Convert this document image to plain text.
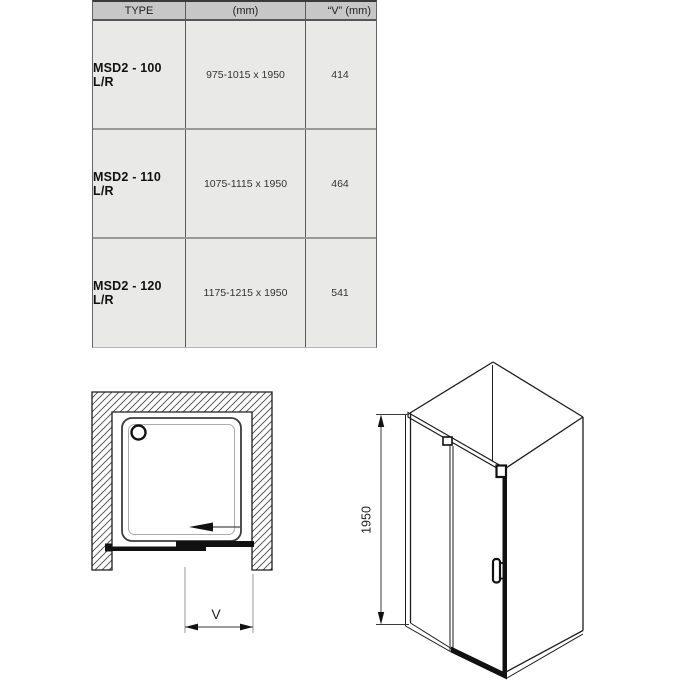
TYPE	(mm)	“V” (mm)
MSD2 - 100 L/R	975-1015 x 1950	414
MSD2 - 110 L/R	1075-1115 x 1950	464
MSD2 - 120 L/R	1175-1215 x 1950	541
V
1950
